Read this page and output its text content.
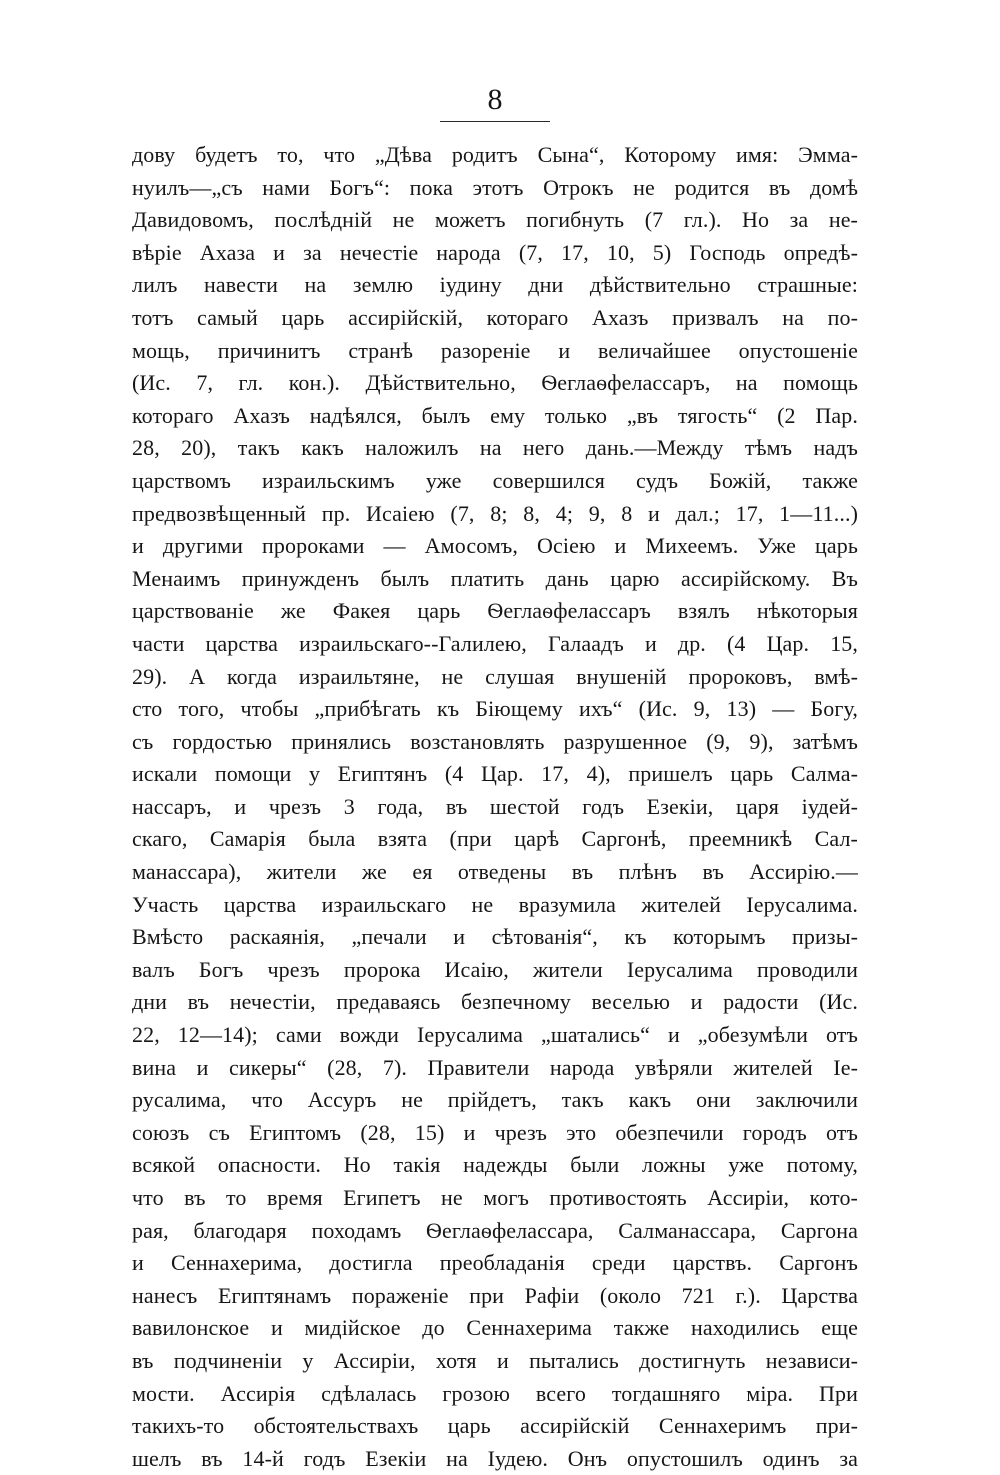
8
дову будетъ то, что „Дѣва родитъ Сына“, Которому имя: Эмма-
нуилъ—„съ нами Богъ“: пока этотъ Отрокъ не родится въ домѣ
Давидовомъ, послѣдній не можетъ погибнуть (7 гл.). Но за не-
вѣріе Ахаза и за нечестіе народа (7, 17, 10, 5) Господь опредѣ-
лилъ навести на землю іудину дни дѣйствительно страшные:
тотъ самый царь ассирійскій, котораго Ахазъ призвалъ на по-
мощь, причинитъ странѣ разореніе и величайшее опустошеніе
(Ис. 7, гл. кон.). Дѣйствительно, Ѳеглаѳфелассаръ, на помощь
котораго Ахазъ надѣялся, былъ ему только „въ тягость“ (2 Пар.
28, 20), такъ какъ наложилъ на него дань.—Между тѣмъ надъ
царствомъ израильскимъ уже совершился судъ Божій, также
предвозвѣщенный пр. Исаіею (7, 8; 8, 4; 9, 8 и дал.; 17, 1—11...)
и другими пророками — Амосомъ, Осіею и Михеемъ. Уже царь
Менаимъ принужденъ былъ платить дань царю ассирійскому. Въ
царствованіе же Факея царь Ѳеглаѳфелассаръ взялъ нѣкоторыя
части царства израильскаго--Галилею, Галаадъ и др. (4 Цар. 15,
29). А когда израильтяне, не слушая внушеній пророковъ, вмѣ-
сто того, чтобы „прибѣгать къ Біющему ихъ“ (Ис. 9, 13) — Богу,
съ гордостью принялись возстановлять разрушенное (9, 9), затѣмъ
искали помощи у Египтянъ (4 Цар. 17, 4), пришелъ царь Салма-
нассаръ, и чрезъ 3 года, въ шестой годъ Езекіи, царя іудей-
скаго, Самарія была взята (при царѣ Саргонѣ, преемникѣ Сал-
манассара), жители же ея отведены въ плѣнъ въ Ассирію.—
Участь царства израильскаго не вразумила жителей Іерусалима.
Вмѣсто раскаянія, „печали и сѣтованія“, къ которымъ призы-
валъ Богъ чрезъ пророка Исаію, жители Іерусалима проводили
дни въ нечестіи, предаваясь безпечному веселью и радости (Ис.
22, 12—14); сами вожди Іерусалима „шатались“ и „обезумѣли отъ
вина и сикеры“ (28, 7). Правители народа увѣряли жителей Іе-
русалима, что Ассуръ не прійдетъ, такъ какъ они заключили
союзъ съ Египтомъ (28, 15) и чрезъ это обезпечили городъ отъ
всякой опасности. Но такія надежды были ложны уже потому,
что въ то время Египетъ не могъ противостоять Ассиріи, кото-
рая, благодаря походамъ Ѳеглаѳфелассара, Салманассара, Саргона
и Сеннахерима, достигла преобладанія среди царствъ. Саргонъ
нанесъ Египтянамъ пораженіе при Рафіи (около 721 г.). Царства
вавилонское и мидійское до Сеннахерима также находились еще
въ подчиненіи у Ассиріи, хотя и пытались достигнуть независи-
мости. Ассирія сдѣлалась грозою всего тогдашняго міра. При
такихъ-то обстоятельствахъ царь ассирійскій Сеннахеримъ при-
шелъ въ 14-й годъ Езекіи на Іудею. Онъ опустошилъ одинъ за
